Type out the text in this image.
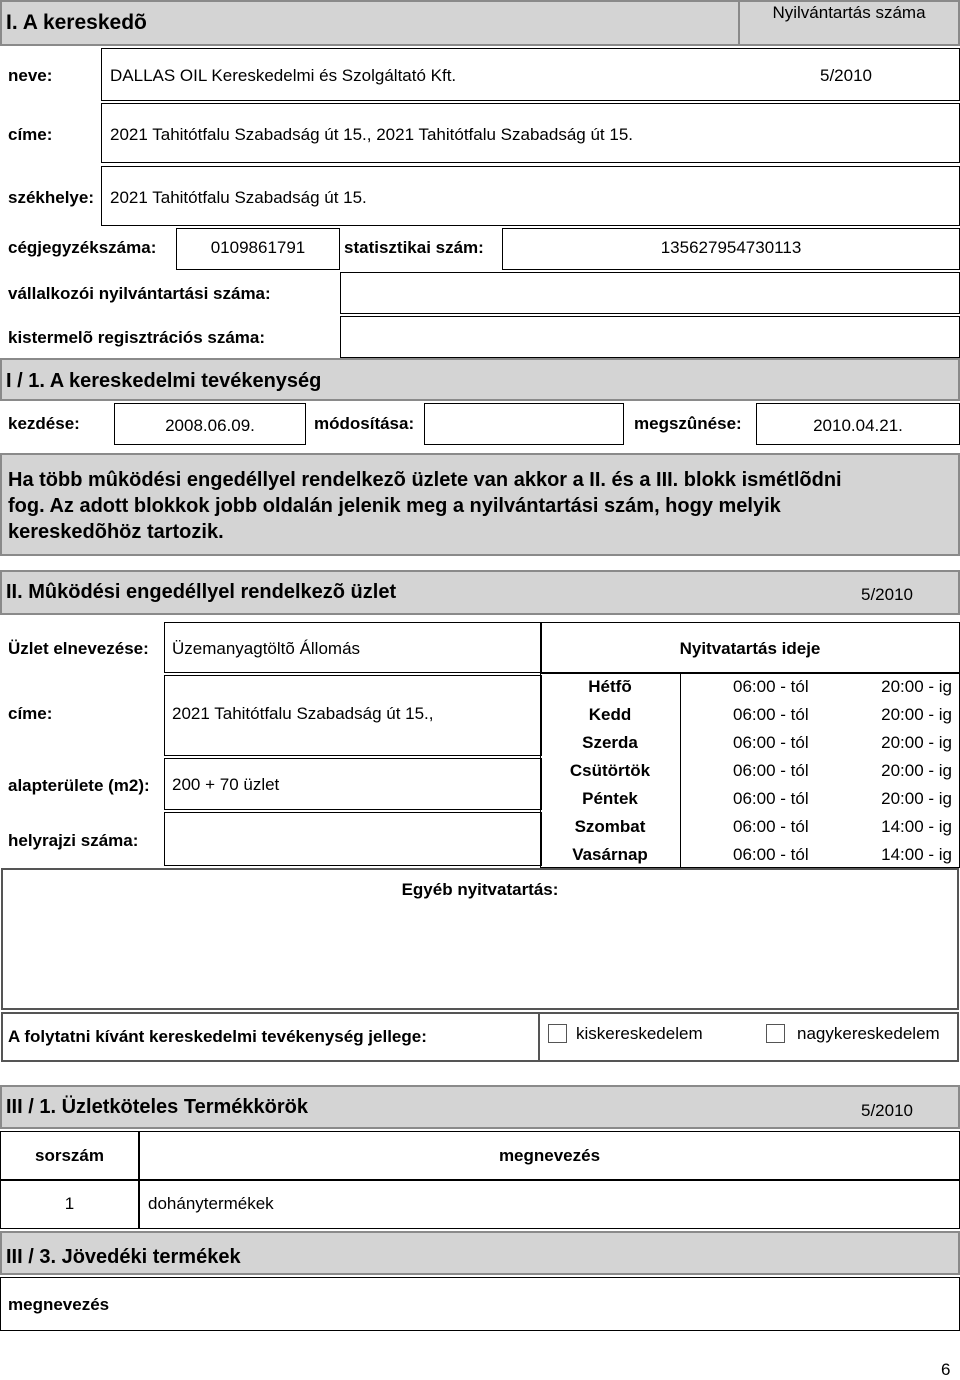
I. A kereskedõ	Nyilvántartás száma
neve:	DALLAS OIL Kereskedelmi és Szolgáltató Kft.	5/2010
címe:	2021 Tahitótfalu Szabadság út 15., 2021 Tahitótfalu Szabadság út 15.
székhelye: 2021 Tahitótfalu Szabadság út 15.
cégjegyzékszáma:	0109861791	statisztikai szám:	135627954730113
vállalkozói nyilvántartási száma:
kistermelõ regisztrációs száma:
I / 1. A kereskedelmi tevékenység
kezdése:	2008.06.09.	módosítása:	megszûnése:	2010.04.21.
Ha több mûködési engedéllyel rendelkezõ üzlete van akkor a II. és a III. blokk ismétlõdni
fog. Az adott blokkok jobb oldalán jelenik meg a nyilvántartási szám, hogy melyik
kereskedõhöz tartozik.
II. Mûködési engedéllyel rendelkezõ üzlet	5/2010
Üzlet elnevezése: Üzemanyagtöltõ Állomás	Nyitvatartás ideje
címe:	2021 Tahitótfalu Szabadság út 15.,
alapterülete (m2): 200 + 70 üzlet
helyrajzi száma:
Hétfõ	06:00 - tól	20:00 - ig
Kedd	06:00 - tól	20:00 - ig
Szerda	06:00 - tól	20:00 - ig
Csütörtök	06:00 - tól	20:00 - ig
Péntek	06:00 - tól	20:00 - ig
Szombat	06:00 - tól	14:00 - ig
Vasárnap	06:00 - tól	14:00 - ig
Egyéb nyitvatartás:
A folytatni kívánt kereskedelmi tevékenység jellege:	kiskereskedelem	nagykereskedelem
III / 1. Üzletköteles Termékkörök	5/2010
sorszám	megnevezés
1	dohánytermékek
III / 3. Jövedéki termékek
megnevezés
6
